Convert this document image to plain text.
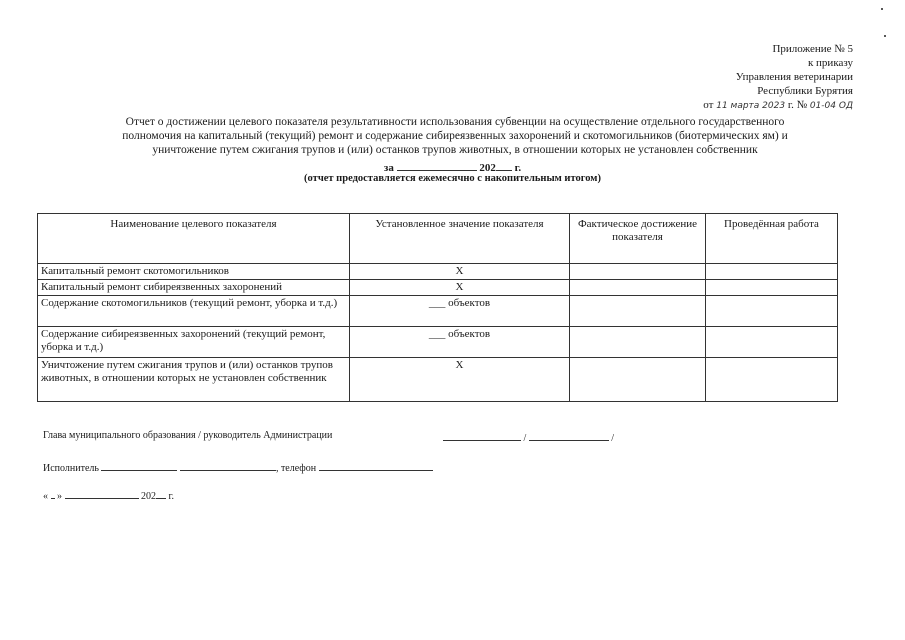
Приложение № 5
к приказу
Управления ветеринарии
Республики Бурятия
от 11 марта 2023 г. № 01-04 ОД
Отчет о достижении целевого показателя результативности использования субвенции на осуществление отдельного государственного
полномочия на капитальный (текущий) ремонт и содержание сибиреязвенных захоронений и скотомогильников (биотермических ям) и
уничтожение путем сжигания трупов и (или) останков трупов животных, в отношении которых не установлен собственник
за	202 г.
(отчет предоставляется ежемесячно с накопительным итогом)
Наименование целевого показателя	Установленное значение показателя	Фактическое достижение показателя	Проведённая работа
Капитальный ремонт скотомогильников	X		
Капитальный ремонт сибиреязвенных захоронений	X		
Содержание скотомогильников (текущий ремонт, уборка и т.д.)	___ объектов		
Содержание сибиреязвенных захоронений (текущий ремонт, уборка и т.д.)	___ объектов		
Уничтожение путем сжигания трупов и (или) останков трупов животных, в отношении которых не установлен собственник	X		
Глава муниципального образования / руководитель Администрации	/	/
Исполнитель	, телефон
« »	202 г.
